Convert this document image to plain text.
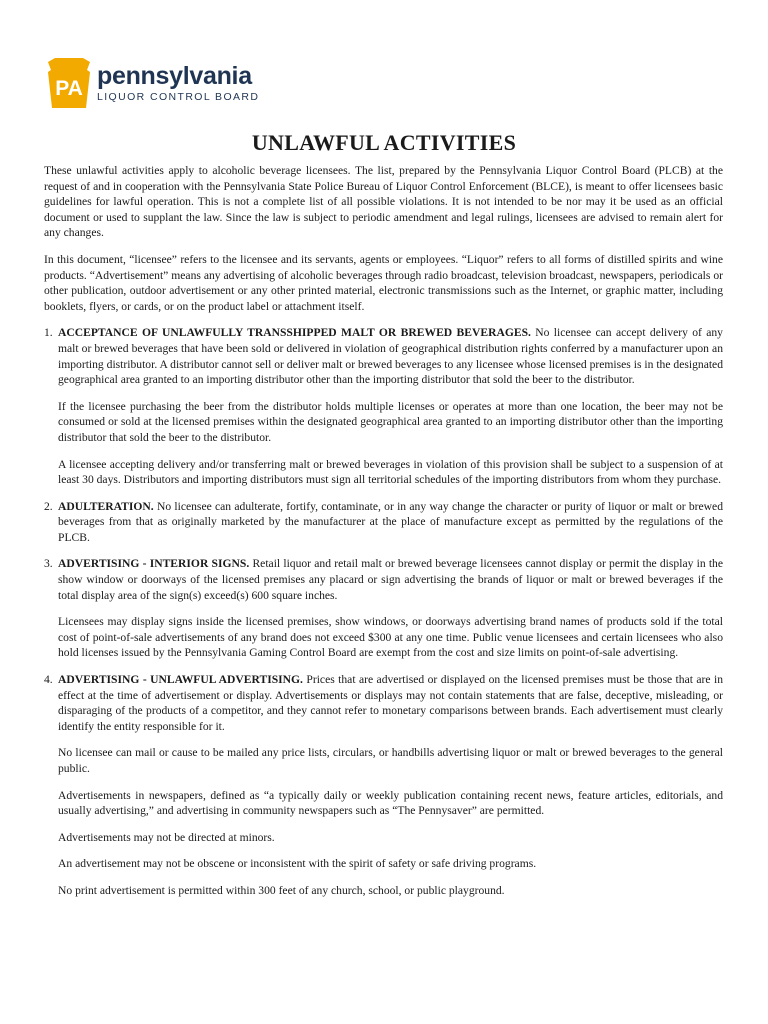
PA pennsylvania
LIQUOR CONTROL BOARD
UNLAWFUL ACTIVITIES

These unlawful activities apply to alcoholic beverage licensees. The list, prepared by the Pennsylvania Liquor Control Board (PLCB) at the request of and in cooperation with the Pennsylvania State Police Bureau of Liquor Control Enforcement (BLCE), is meant to offer licensees basic guidelines for lawful operation. This is not a complete list of all possible violations. It is not intended to be nor may it be used as an official document or used to supplant the law. Since the law is subject to periodic amendment and legal rulings, licensees are advised to remain alert for any changes.

In this document, “licensee” refers to the licensee and its servants, agents or employees. “Liquor” refers to all forms of distilled spirits and wine products. “Advertisement” means any advertising of alcoholic beverages through radio broadcast, television broadcast, newspapers, periodicals or other publication, outdoor advertisement or any other printed material, electronic transmissions such as the Internet, or graphic matter, including booklets, flyers, or cards, or on the product label or attachment itself.

1. ACCEPTANCE OF UNLAWFULLY TRANSSHIPPED MALT OR BREWED BEVERAGES. No licensee can accept delivery of any malt or brewed beverages that have been sold or delivered in violation of geographical distribution rights conferred by a manufacturer upon an importing distributor. A distributor cannot sell or deliver malt or brewed beverages to any licensee whose licensed premises is in the designated geographical area granted to an importing distributor other than the importing distributor that sold the beer to the distributor.

If the licensee purchasing the beer from the distributor holds multiple licenses or operates at more than one location, the beer may not be consumed or sold at the licensed premises within the designated geographical area granted to an importing distributor other than the importing distributor that sold the beer to the distributor.

A licensee accepting delivery and/or transferring malt or brewed beverages in violation of this provision shall be subject to a suspension of at least 30 days. Distributors and importing distributors must sign all territorial schedules of the importing distributors from whom they purchase.

2. ADULTERATION. No licensee can adulterate, fortify, contaminate, or in any way change the character or purity of liquor or malt or brewed beverages from that as originally marketed by the manufacturer at the place of manufacture except as permitted by the regulations of the PLCB.

3. ADVERTISING - INTERIOR SIGNS. Retail liquor and retail malt or brewed beverage licensees cannot display or permit the display in the show window or doorways of the licensed premises any placard or sign advertising the brands of liquor or malt or brewed beverages if the total display area of the sign(s) exceed(s) 600 square inches.

Licensees may display signs inside the licensed premises, show windows, or doorways advertising brand names of products sold if the total cost of point-of-sale advertisements of any brand does not exceed $300 at any one time. Public venue licensees and certain licensees who also hold licenses issued by the Pennsylvania Gaming Control Board are exempt from the cost and size limits on point-of-sale advertising.

4. ADVERTISING - UNLAWFUL ADVERTISING. Prices that are advertised or displayed on the licensed premises must be those that are in effect at the time of advertisement or display. Advertisements or displays may not contain statements that are false, deceptive, misleading, or disparaging of the products of a competitor, and they cannot refer to monetary comparisons between brands. Each advertisement must clearly identify the entity responsible for it.

No licensee can mail or cause to be mailed any price lists, circulars, or handbills advertising liquor or malt or brewed beverages to the general public.

Advertisements in newspapers, defined as “a typically daily or weekly publication containing recent news, feature articles, editorials, and usually advertising,” and advertising in community newspapers such as “The Pennysaver” are permitted.

Advertisements may not be directed at minors.

An advertisement may not be obscene or inconsistent with the spirit of safety or safe driving programs.

No print advertisement is permitted within 300 feet of any church, school, or public playground.
